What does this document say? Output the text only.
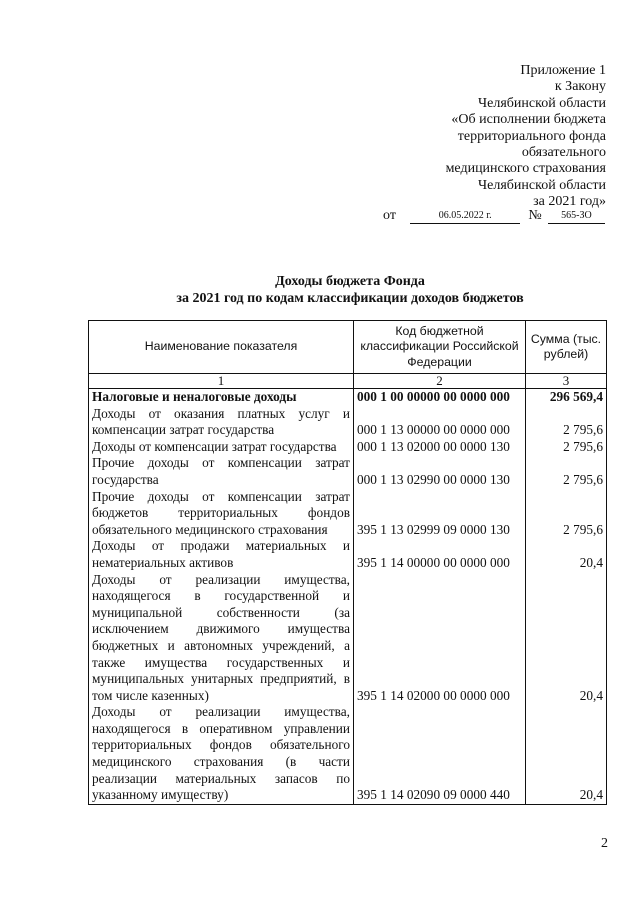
Приложение 1
к Закону
Челябинской области
«Об исполнении бюджета
территориального фонда
обязательного
медицинского страхования
Челябинской области
за 2021 год»
от	06.05.2022 г.	№	565-ЗО
Доходы бюджета Фонда
за 2021 год по кодам классификации доходов бюджетов
Наименование показателя	Код бюджетной классификации Российской Федерации	Сумма (тыс. рублей)
1	2	3
Налоговые и неналоговые доходы	000 1 00 00000 00 0000 000	296 569,4
Доходы от оказания платных услуг и компенсации затрат государства	000 1 13 00000 00 0000 000	2 795,6
Доходы от компенсации затрат государства	000 1 13 02000 00 0000 130	2 795,6
Прочие доходы от компенсации затрат государства	000 1 13 02990 00 0000 130	2 795,6
Прочие доходы от компенсации затрат бюджетов территориальных фондов обязательного медицинского страхования	395 1 13 02999 09 0000 130	2 795,6
Доходы от продажи материальных и нематериальных активов	395 1 14 00000 00 0000 000	20,4
Доходы от реализации имущества, находящегося в государственной и муниципальной собственности (за исключением движимого имущества бюджетных и автономных учреждений, а также имущества государственных и муниципальных унитарных предприятий, в том числе казенных)	395 1 14 02000 00 0000 000	20,4
Доходы от реализации имущества, находящегося в оперативном управлении территориальных фондов обязательного медицинского страхования (в части реализации материальных запасов по указанному имуществу)	395 1 14 02090 09 0000 440	20,4
2
